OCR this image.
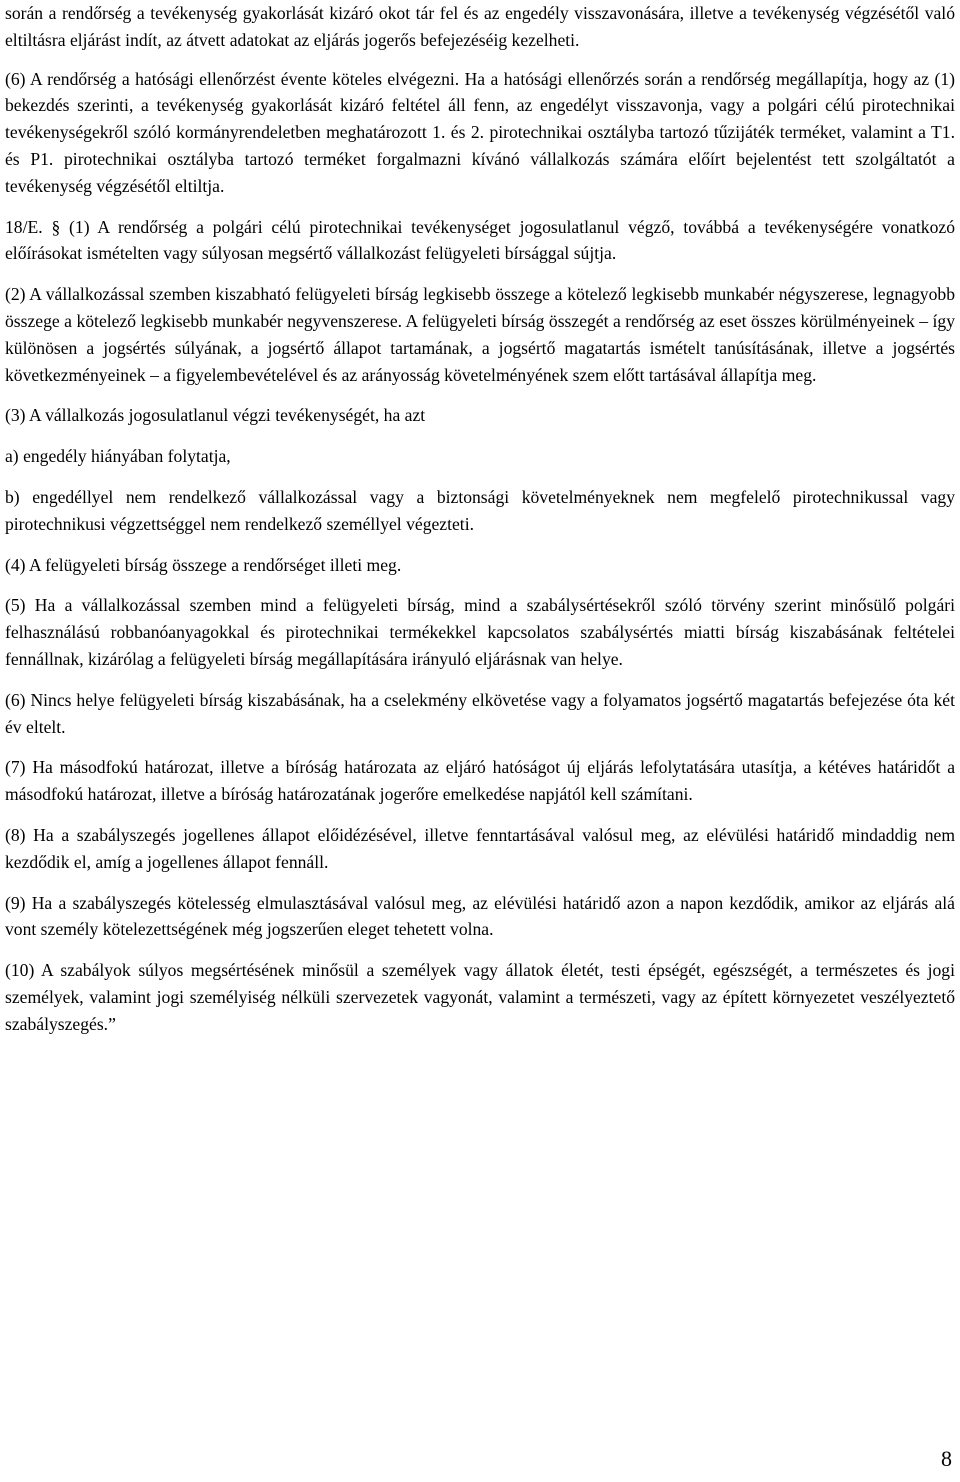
során a rendőrség a tevékenység gyakorlását kizáró okot tár fel és az engedély visszavonására, illetve a tevékenység végzésétől való eltiltásra eljárást indít, az átvett adatokat az eljárás jogerős befejezéséig kezelheti.

(6) A rendőrség a hatósági ellenőrzést évente köteles elvégezni. Ha a hatósági ellenőrzés során a rendőrség megállapítja, hogy az (1) bekezdés szerinti, a tevékenység gyakorlását kizáró feltétel áll fenn, az engedélyt visszavonja, vagy a polgári célú pirotechnikai tevékenységekről szóló kormányrendeletben meghatározott 1. és 2. pirotechnikai osztályba tartozó tűzijáték terméket, valamint a T1. és P1. pirotechnikai osztályba tartozó terméket forgalmazni kívánó vállalkozás számára előírt bejelentést tett szolgáltatót a tevékenység végzésétől eltiltja.

18/E. § (1) A rendőrség a polgári célú pirotechnikai tevékenységet jogosulatlanul végző, továbbá a tevékenységére vonatkozó előírásokat ismételten vagy súlyosan megsértő vállalkozást felügyeleti bírsággal sújtja.

(2) A vállalkozással szemben kiszabható felügyeleti bírság legkisebb összege a kötelező legkisebb munkabér négyszerese, legnagyobb összege a kötelező legkisebb munkabér negyvenszerese. A felügyeleti bírság összegét a rendőrség az eset összes körülményeinek – így különösen a jogsértés súlyának, a jogsértő állapot tartamának, a jogsértő magatartás ismételt tanúsításának, illetve a jogsértés következményeinek – a figyelembevételével és az arányosság követelményének szem előtt tartásával állapítja meg.

(3) A vállalkozás jogosulatlanul végzi tevékenységét, ha azt

a) engedély hiányában folytatja,

b) engedéllyel nem rendelkező vállalkozással vagy a biztonsági követelményeknek nem megfelelő pirotechnikussal vagy pirotechnikusi végzettséggel nem rendelkező személlyel végezteti.

(4) A felügyeleti bírság összege a rendőrséget illeti meg.

(5) Ha a vállalkozással szemben mind a felügyeleti bírság, mind a szabálysértésekről szóló törvény szerint minősülő polgári felhasználású robbanóanyagokkal és pirotechnikai termékekkel kapcsolatos szabálysértés miatti bírság kiszabásának feltételei fennállnak, kizárólag a felügyeleti bírság megállapítására irányuló eljárásnak van helye.

(6) Nincs helye felügyeleti bírság kiszabásának, ha a cselekmény elkövetése vagy a folyamatos jogsértő magatartás befejezése óta két év eltelt.

(7) Ha másodfokú határozat, illetve a bíróság határozata az eljáró hatóságot új eljárás lefolytatására utasítja, a kétéves határidőt a másodfokú határozat, illetve a bíróság határozatának jogerőre emelkedése napjától kell számítani.

(8) Ha a szabályszegés jogellenes állapot előidézésével, illetve fenntartásával valósul meg, az elévülési határidő mindaddig nem kezdődik el, amíg a jogellenes állapot fennáll.

(9) Ha a szabályszegés kötelesség elmulasztásával valósul meg, az elévülési határidő azon a napon kezdődik, amikor az eljárás alá vont személy kötelezettségének még jogszerűen eleget tehetett volna.

(10) A szabályok súlyos megsértésének minősül a személyek vagy állatok életét, testi épségét, egészségét, a természetes és jogi személyek, valamint jogi személyiség nélküli szervezetek vagyonát, valamint a természeti, vagy az épített környezetet veszélyeztető szabályszegés.”

8
